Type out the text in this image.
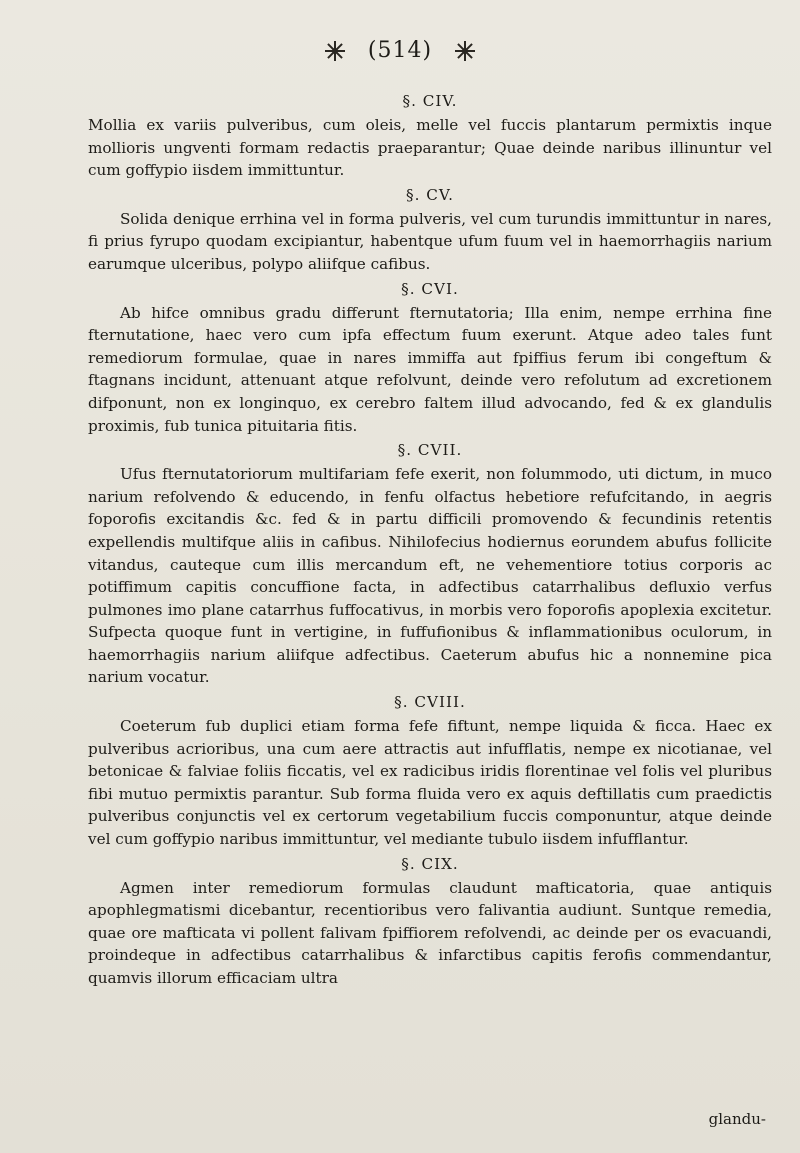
(514)

§. CIV.

Mollia ex variis pulveribus, cum oleis, melle vel fuccis plantarum permixtis inque mollioris ungventi formam redactis praeparantur; Quae deinde naribus illinuntur vel cum goffypio iisdem immittuntur.

§. CV.

Solida denique errhina vel in forma pulveris, vel cum turundis immittuntur in nares, fi prius fyrupo quodam excipiantur, habentque ufum fuum vel in haemorrhagiis narium earumque ulceribus, polypo aliifque cafibus.

§. CVI.

Ab hifce omnibus gradu differunt fternutatoria; Illa enim, nempe errhina fine fternutatione, haec vero cum ipfa effectum fuum exerunt. Atque adeo tales funt remediorum formulae, quae in nares immiffa aut fpiffius ferum ibi congeftum & ftagnans incidunt, attenuant atque refolvunt, deinde vero refolutum ad excretionem difponunt, non ex longinquo, ex cerebro faltem illud advocando, fed & ex glandulis proximis, fub tunica pituitaria fitis.

§. CVII.

Ufus fternutatoriorum multifariam fefe exerit, non folummodo, uti dictum, in muco narium refolvendo & educendo, in fenfu olfactus hebetiore refufcitando, in aegris foporofis excitandis &c. fed & in partu difficili promovendo & fecundinis retentis expellendis multifque aliis in cafibus. Nihilofecius hodiernus eorundem abufus follicite vitandus, cauteque cum illis mercandum eft, ne vehementiore totius corporis ac potiffimum capitis concuffione facta, in adfectibus catarrhalibus defluxio verfus pulmones imo plane catarrhus fuffocativus, in morbis vero foporofis apoplexia excitetur. Sufpecta quoque funt in vertigine, in fuffufionibus & inflammationibus oculorum, in haemorrhagiis narium aliifque adfectibus. Caeterum abufus hic a nonnemine pica narium vocatur.

§. CVIII.

Coeterum fub duplici etiam forma fefe fiftunt, nempe liquida & ficca. Haec ex pulveribus acrioribus, una cum aere attractis aut infufflatis, nempe ex nicotianae, vel betonicae & falviae foliis ficcatis, vel ex radicibus iridis florentinae vel folis vel pluribus fibi mutuo permixtis parantur. Sub forma fluida vero ex aquis deftillatis cum praedictis pulveribus conjunctis vel ex certorum vegetabilium fuccis componuntur, atque deinde vel cum goffypio naribus immittuntur, vel mediante tubulo iisdem infufflantur.

§. CIX.

Agmen inter remediorum formulas claudunt mafticatoria, quae antiquis apophlegmatismi dicebantur, recentioribus vero falivantia audiunt. Suntque remedia, quae ore mafticata vi pollent falivam fpiffiorem refolvendi, ac deinde per os evacuandi, proindeque in adfectibus catarrhalibus & infarctibus capitis ferofis commendantur, quamvis illorum efficaciam ultra

glandu-
